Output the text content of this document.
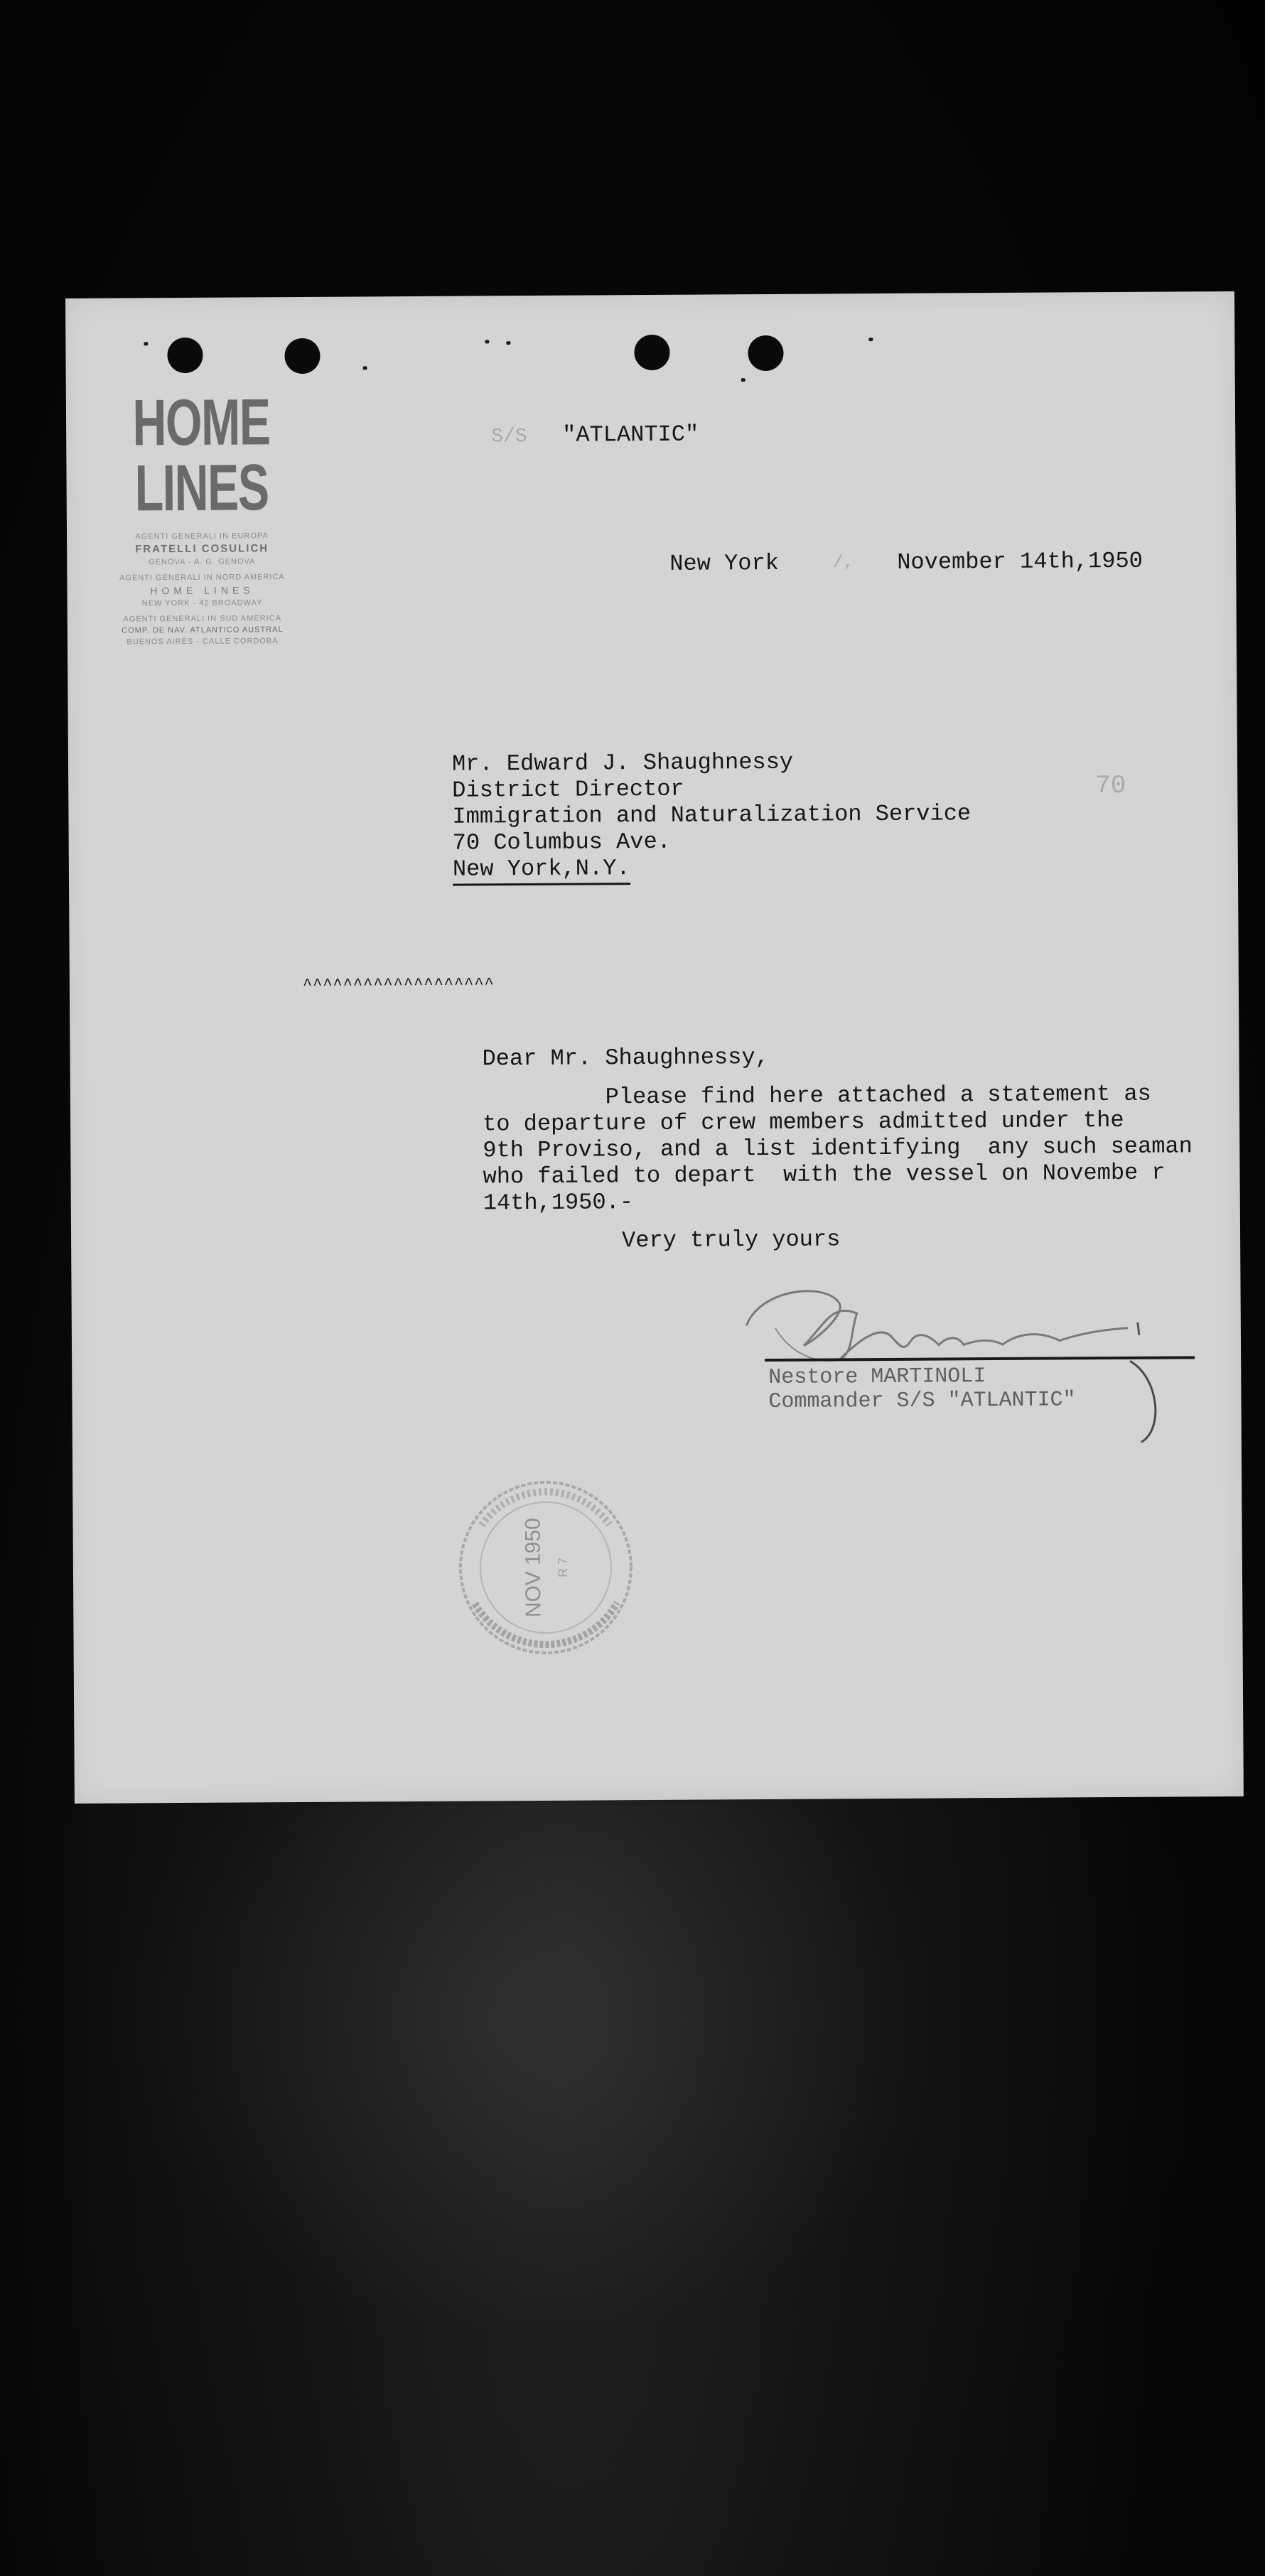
HOME
LINES
AGENTI GENERALI IN EUROPA
FRATELLI COSULICH
GENOVA - A. G. GENOVA
AGENTI GENERALI IN NORD AMERICA
HOME LINES
NEW YORK - 42 BROADWAY
AGENTI GENERALI IN SUD AMERICA
COMP. DE NAV. ATLANTICO AUSTRAL
BUENOS AIRES - CALLE CORDOBA
S/S "ATLANTIC"
New York	/, November 14th,1950
Mr. Edward J. Shaughnessy
District Director
Immigration and Naturalization Service
70 Columbus Ave.
New York,N.Y.
70
^^^^^^^^^^^^^^^^^^^
Dear Mr. Shaughnessy,
Please find here attached a statement as
to departure of crew members admitted under the
9th Proviso, and a list identifying  any such seaman
who failed to depart  with the vessel on Novembe r
14th,1950.-
Very truly yours
Nestore MARTINOLI
Commander S/S "ATLANTIC"
NOV 1950 R 7
